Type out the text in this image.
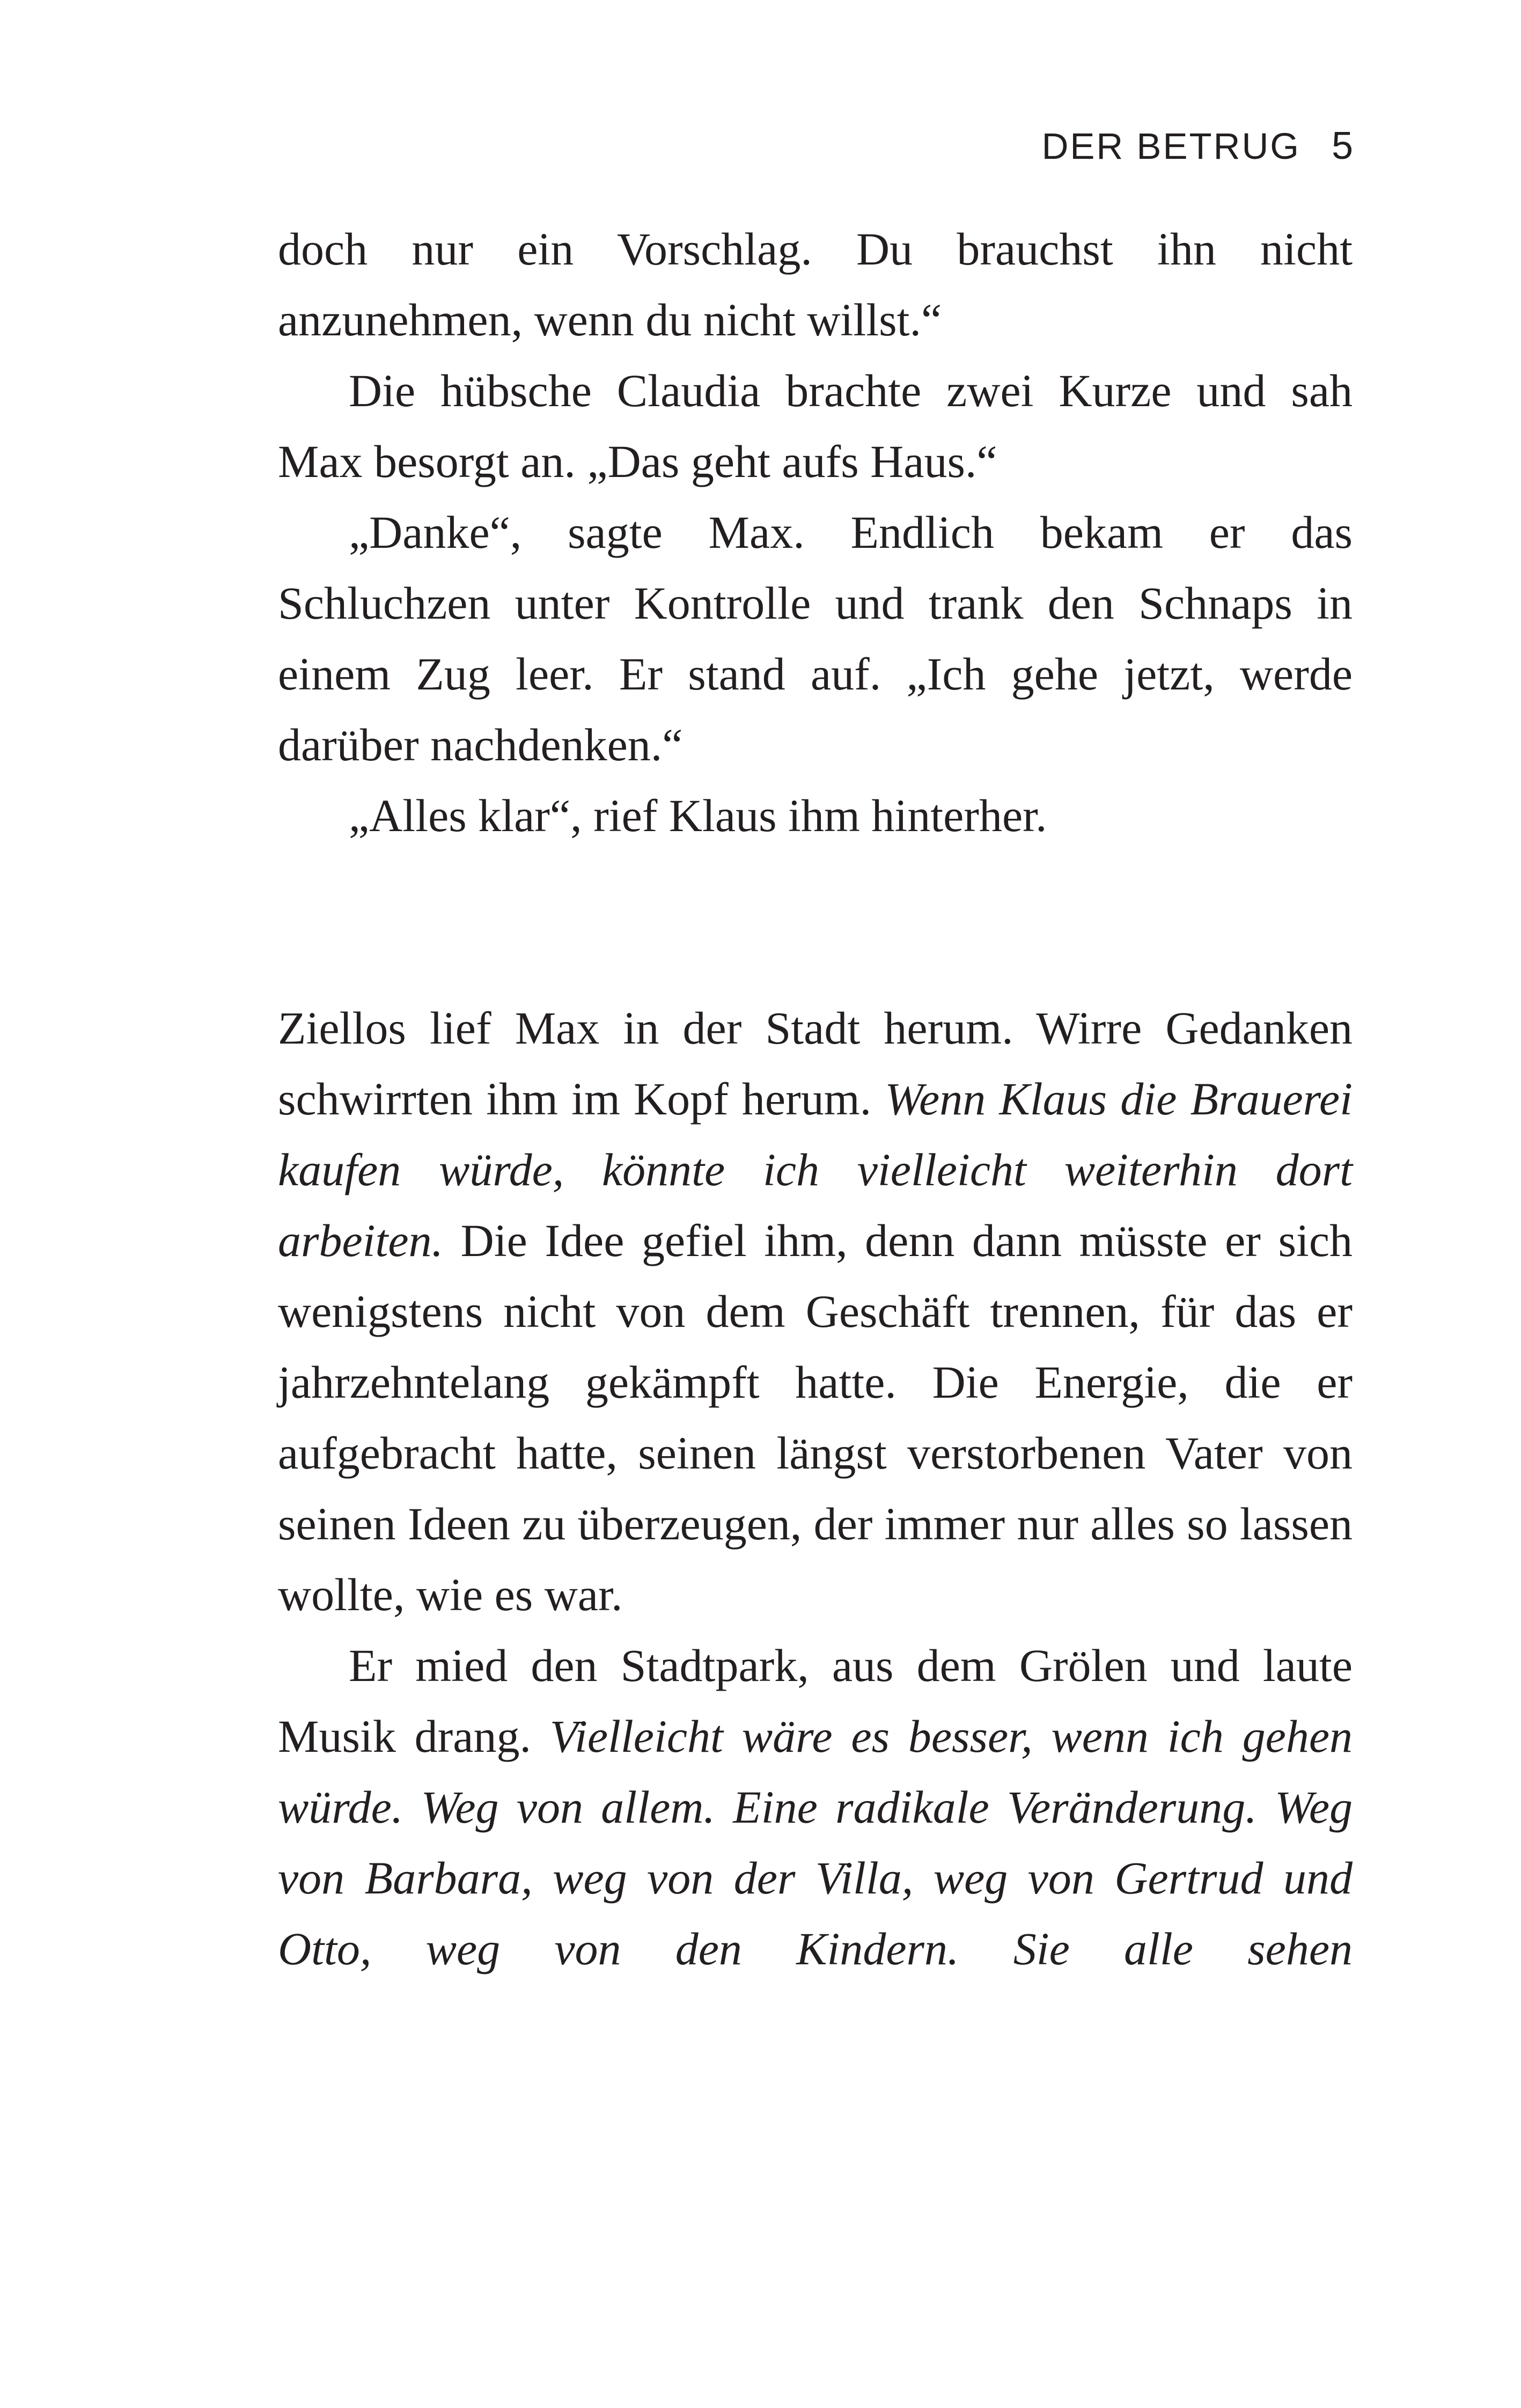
DER BETRUG 5

doch nur ein Vorschlag. Du brauchst ihn nicht anzunehmen, wenn du nicht willst.“

Die hübsche Claudia brachte zwei Kurze und sah Max besorgt an. „Das geht aufs Haus.“

„Danke“, sagte Max. Endlich bekam er das Schluchzen unter Kontrolle und trank den Schnaps in einem Zug leer. Er stand auf. „Ich gehe jetzt, werde darüber nachdenken.“

„Alles klar“, rief Klaus ihm hinterher.

Ziellos lief Max in der Stadt herum. Wirre Gedanken schwirrten ihm im Kopf herum. Wenn Klaus die Brauerei kaufen würde, könnte ich vielleicht weiterhin dort arbeiten. Die Idee gefiel ihm, denn dann müsste er sich wenigstens nicht von dem Geschäft trennen, für das er jahrzehntelang gekämpft hatte. Die Energie, die er aufgebracht hatte, seinen längst verstorbenen Vater von seinen Ideen zu überzeugen, der immer nur alles so lassen wollte, wie es war.

Er mied den Stadtpark, aus dem Grölen und laute Musik drang. Vielleicht wäre es besser, wenn ich gehen würde. Weg von allem. Eine radikale Veränderung. Weg von Barbara, weg von der Villa, weg von Gertrud und Otto, weg von den Kindern. Sie alle sehen
